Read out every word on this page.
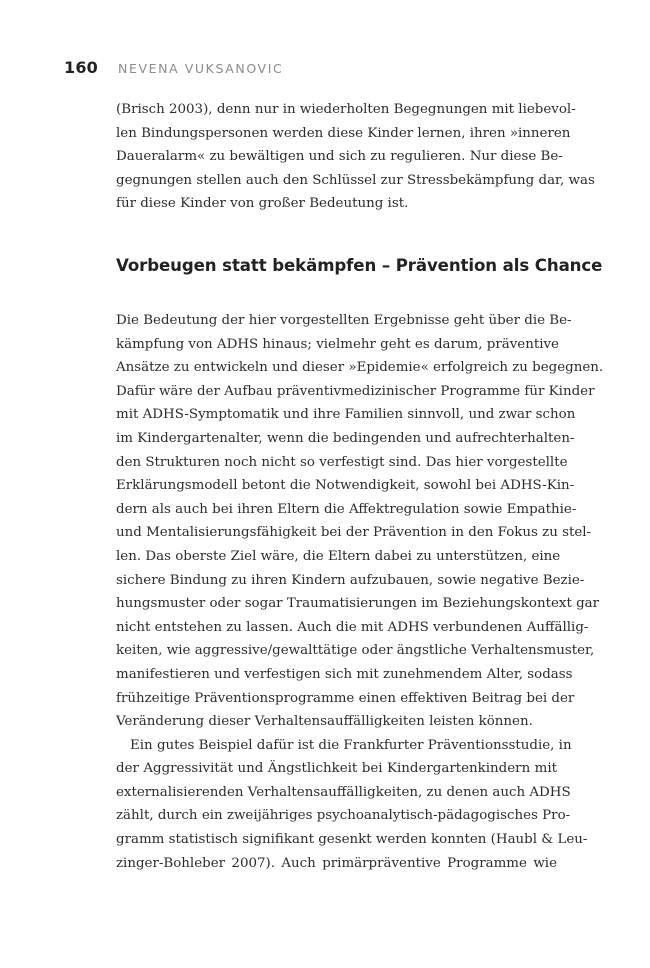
160 NEVENA VUKSANOVIC
(Brisch 2003), denn nur in wiederholten Begegnungen mit liebevol-
len Bindungspersonen werden diese Kinder lernen, ihren »inneren
Daueralarm« zu bewältigen und sich zu regulieren. Nur diese Be-
gegnungen stellen auch den Schlüssel zur Stressbekämpfung dar, was
für diese Kinder von großer Bedeutung ist.
Vorbeugen statt bekämpfen – Prävention als Chance
Die Bedeutung der hier vorgestellten Ergebnisse geht über die Be-
kämpfung von ADHS hinaus; vielmehr geht es darum, präventive
Ansätze zu entwickeln und dieser »Epidemie« erfolgreich zu begegnen.
Dafür wäre der Aufbau präventivmedizinischer Programme für Kinder
mit ADHS-Symptomatik und ihre Familien sinnvoll, und zwar schon
im Kindergartenalter, wenn die bedingenden und aufrechterhalten-
den Strukturen noch nicht so verfestigt sind. Das hier vorgestellte
Erklärungsmodell betont die Notwendigkeit, sowohl bei ADHS-Kin-
dern als auch bei ihren Eltern die Affektregulation sowie Empathie-
und Mentalisierungsfähigkeit bei der Prävention in den Fokus zu stel-
len. Das oberste Ziel wäre, die Eltern dabei zu unterstützen, eine
sichere Bindung zu ihren Kindern aufzubauen, sowie negative Bezie-
hungsmuster oder sogar Traumatisierungen im Beziehungskontext gar
nicht entstehen zu lassen. Auch die mit ADHS verbundenen Auffällig-
keiten, wie aggressive/gewalttätige oder ängstliche Verhaltensmuster,
manifestieren und verfestigen sich mit zunehmendem Alter, sodass
frühzeitige Präventionsprogramme einen effektiven Beitrag bei der
Veränderung dieser Verhaltensauffälligkeiten leisten können.
Ein gutes Beispiel dafür ist die Frankfurter Präventionsstudie, in
der Aggressivität und Ängstlichkeit bei Kindergartenkindern mit
externalisierenden Verhaltensauffälligkeiten, zu denen auch ADHS
zählt, durch ein zweijähriges psychoanalytisch-pädagogisches Pro-
gramm statistisch signifikant gesenkt werden konnten (Haubl & Leu-
zinger-Bohleber 2007). Auch primärpräventive Programme wie
